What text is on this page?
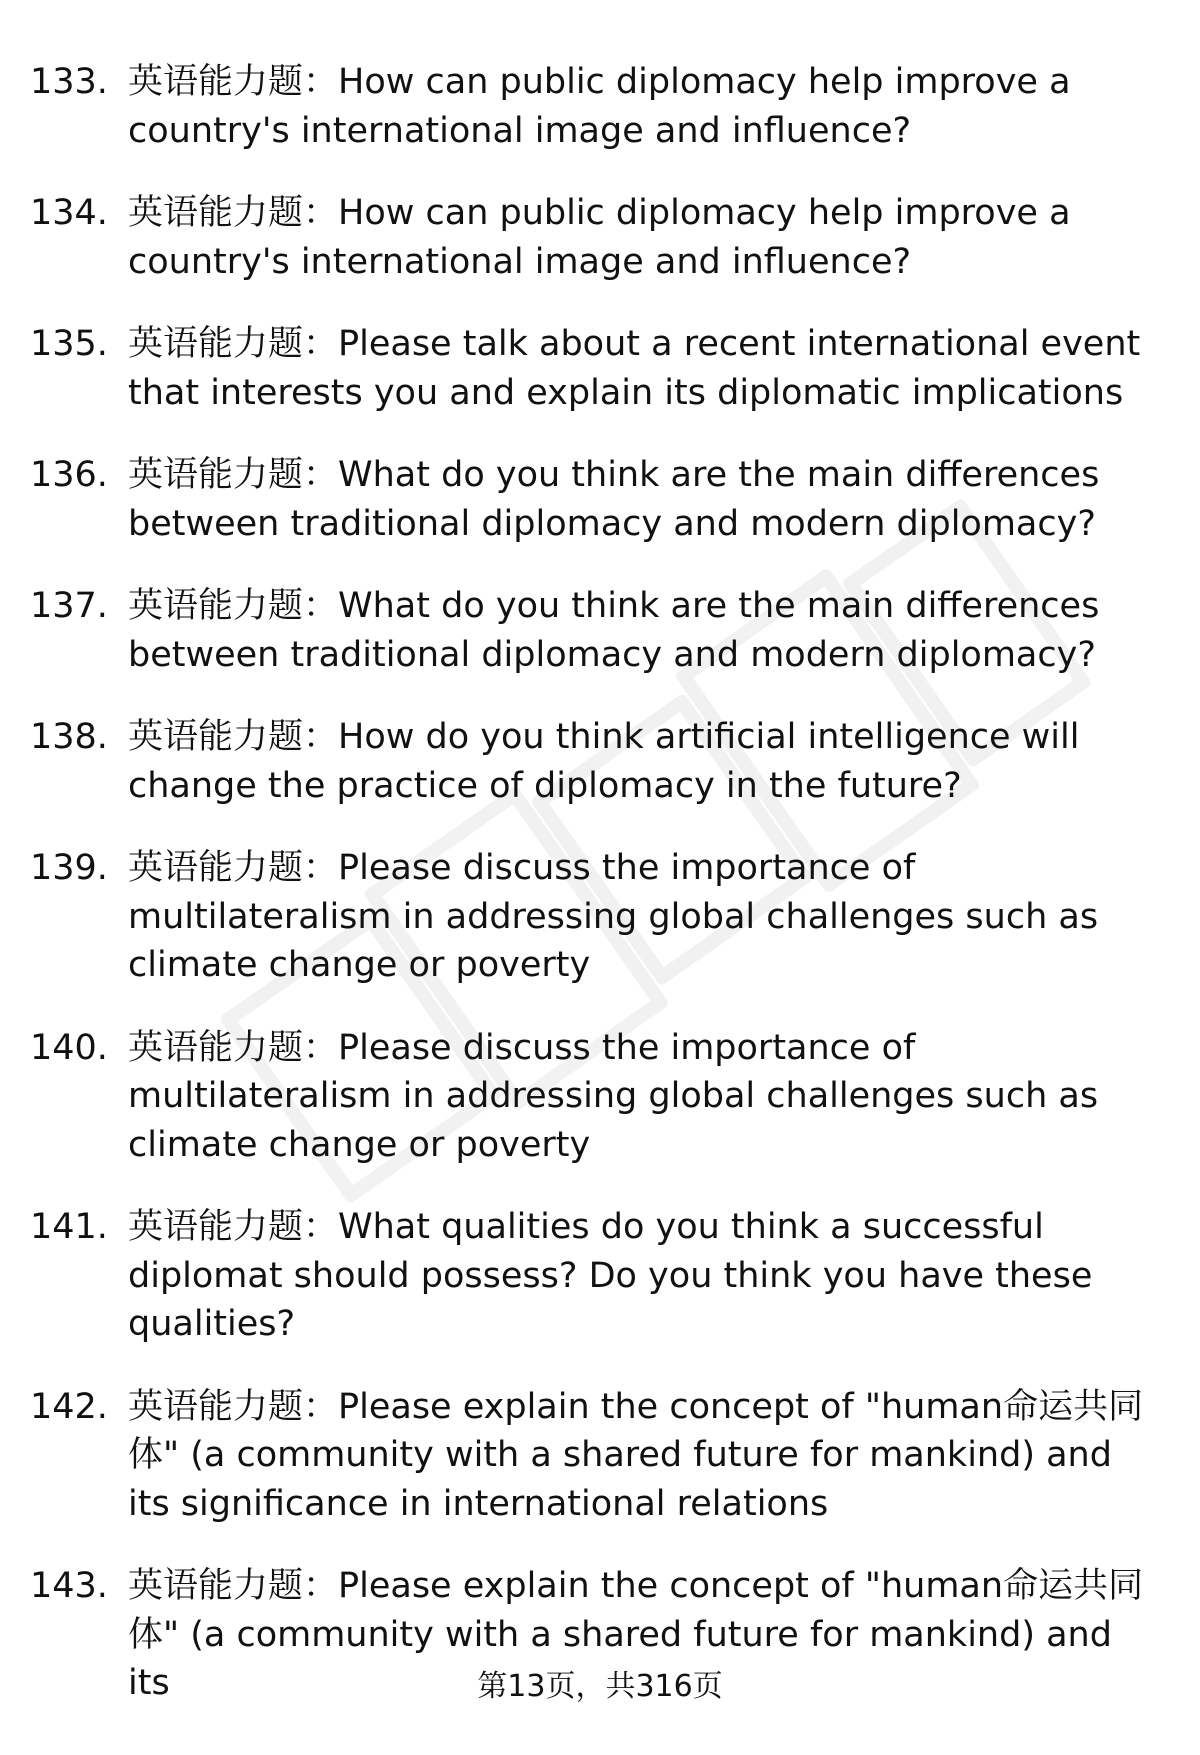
133. 英语能力题：How can public diplomacy help improve a country's international image and influence?
134. 英语能力题：How can public diplomacy help improve a country's international image and influence?
135. 英语能力题：Please talk about a recent international event that interests you and explain its diplomatic implications
136. 英语能力题：What do you think are the main differences between traditional diplomacy and modern diplomacy?
137. 英语能力题：What do you think are the main differences between traditional diplomacy and modern diplomacy?
138. 英语能力题：How do you think artificial intelligence will change the practice of diplomacy in the future?
139. 英语能力题：Please discuss the importance of multilateralism in addressing global challenges such as climate change or poverty
140. 英语能力题：Please discuss the importance of multilateralism in addressing global challenges such as climate change or poverty
141. 英语能力题：What qualities do you think a successful diplomat should possess? Do you think you have these qualities?
142. 英语能力题：Please explain the concept of "human命运共同体" (a community with a shared future for mankind) and its significance in international relations
143. 英语能力题：Please explain the concept of "human命运共同体" (a community with a shared future for mankind) and its	第13页，共316页
